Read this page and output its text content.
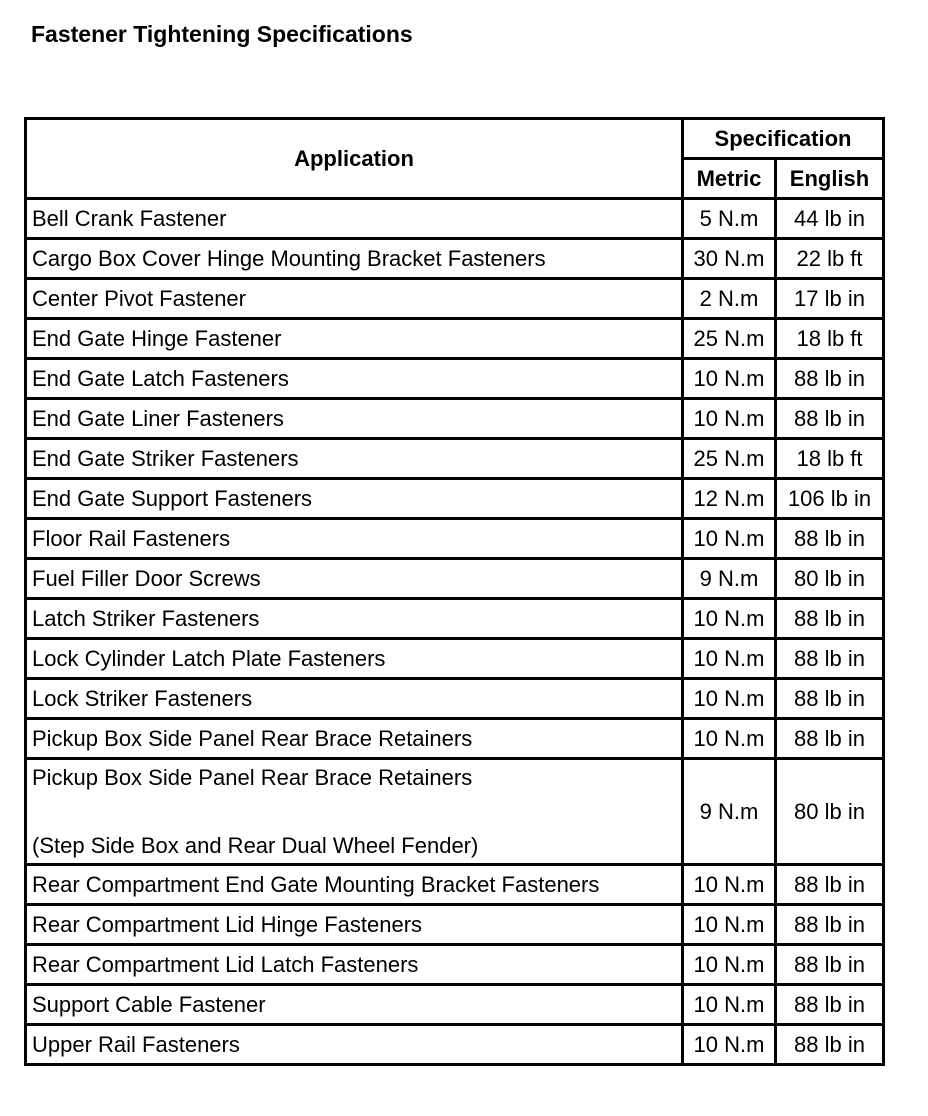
Fastener Tightening Specifications
Application	Specification	
	Metric	English
Bell Crank Fastener	5 N.m	44 lb in
Cargo Box Cover Hinge Mounting Bracket Fasteners	30 N.m	22 lb ft
Center Pivot Fastener	2 N.m	17 lb in
End Gate Hinge Fastener	25 N.m	18 lb ft
End Gate Latch Fasteners	10 N.m	88 lb in
End Gate Liner Fasteners	10 N.m	88 lb in
End Gate Striker Fasteners	25 N.m	18 lb ft
End Gate Support Fasteners	12 N.m	106 lb in
Floor Rail Fasteners	10 N.m	88 lb in
Fuel Filler Door Screws	9 N.m	80 lb in
Latch Striker Fasteners	10 N.m	88 lb in
Lock Cylinder Latch Plate Fasteners	10 N.m	88 lb in
Lock Striker Fasteners	10 N.m	88 lb in
Pickup Box Side Panel Rear Brace Retainers	10 N.m	88 lb in

Pickup Box Side Panel Rear Brace Retainers
(Step Side Box and Rear Dual Wheel Fender)	9 N.m	80 lb in
Rear Compartment End Gate Mounting Bracket Fasteners	10 N.m	88 lb in
Rear Compartment Lid Hinge Fasteners	10 N.m	88 lb in
Rear Compartment Lid Latch Fasteners	10 N.m	88 lb in
Support Cable Fastener	10 N.m	88 lb in
Upper Rail Fasteners	10 N.m	88 lb in
